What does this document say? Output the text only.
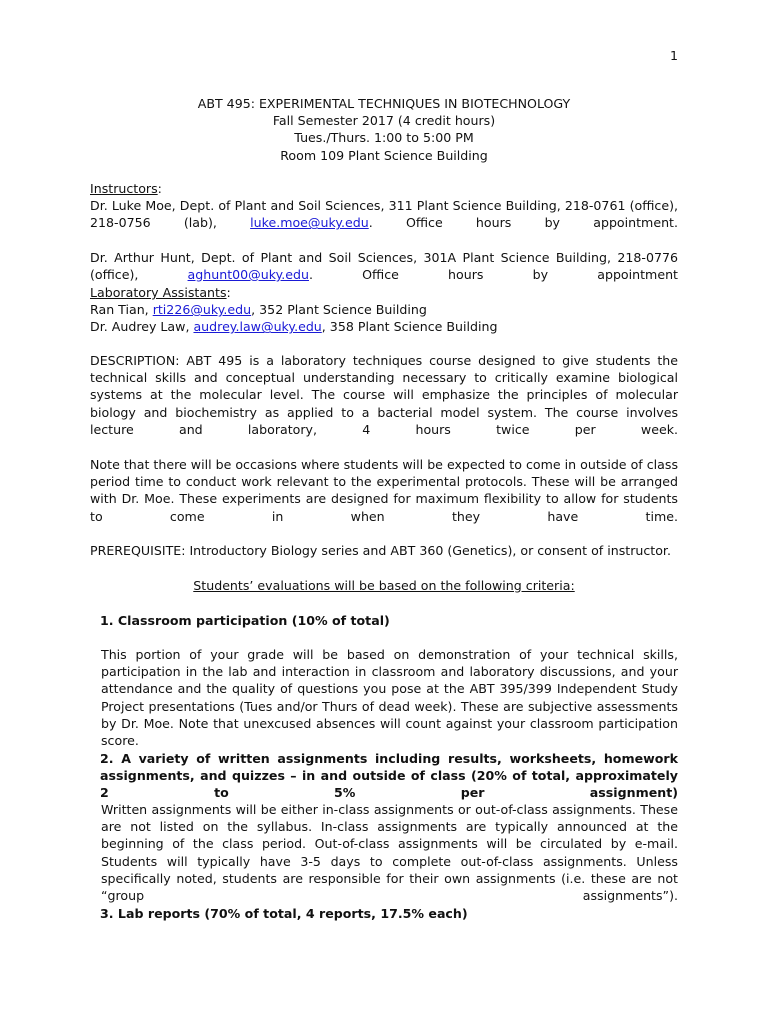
1
ABT 495: EXPERIMENTAL TECHNIQUES IN BIOTECHNOLOGY
Fall Semester 2017 (4 credit hours)
Tues./Thurs. 1:00 to 5:00 PM
Room 109 Plant Science Building
Instructors:

Dr. Luke Moe, Dept. of Plant and Soil Sciences, 311 Plant Science Building, 218-0761 (office), 218-0756 (lab), luke.moe@uky.edu. Office hours by appointment.

Dr. Arthur Hunt, Dept. of Plant and Soil Sciences, 301A Plant Science Building, 218-0776 (office), aghunt00@uky.edu. Office hours by appointment

Laboratory Assistants:
Ran Tian, rti226@uky.edu, 352 Plant Science Building
Dr. Audrey Law, audrey.law@uky.edu, 358 Plant Science Building

DESCRIPTION: ABT 495 is a laboratory techniques course designed to give students the technical skills and conceptual understanding necessary to critically examine biological systems at the molecular level. The course will emphasize the principles of molecular biology and biochemistry as applied to a bacterial model system. The course involves lecture and laboratory, 4 hours twice per week.

Note that there will be occasions where students will be expected to come in outside of class period time to conduct work relevant to the experimental protocols. These will be arranged with Dr. Moe. These experiments are designed for maximum flexibility to allow for students to come in when they have time.

PREREQUISITE: Introductory Biology series and ABT 360 (Genetics), or consent of instructor.

Students’ evaluations will be based on the following criteria:
1. Classroom participation (10% of total)

This portion of your grade will be based on demonstration of your technical skills, participation in the lab and interaction in classroom and laboratory discussions, and your attendance and the quality of questions you pose at the ABT 395/399 Independent Study Project presentations (Tues and/or Thurs of dead week). These are subjective assessments by Dr. Moe. Note that unexcused absences will count against your classroom participation score.

2. A variety of written assignments including results, worksheets, homework assignments, and quizzes – in and outside of class (20% of total, approximately 2 to 5% per assignment)

Written assignments will be either in-class assignments or out-of-class assignments. These are not listed on the syllabus. In-class assignments are typically announced at the beginning of the class period. Out-of-class assignments will be circulated by e-mail. Students will typically have 3-5 days to complete out-of-class assignments. Unless specifically noted, students are responsible for their own assignments (i.e. these are not “group assignments”).

3. Lab reports (70% of total, 4 reports, 17.5% each)
